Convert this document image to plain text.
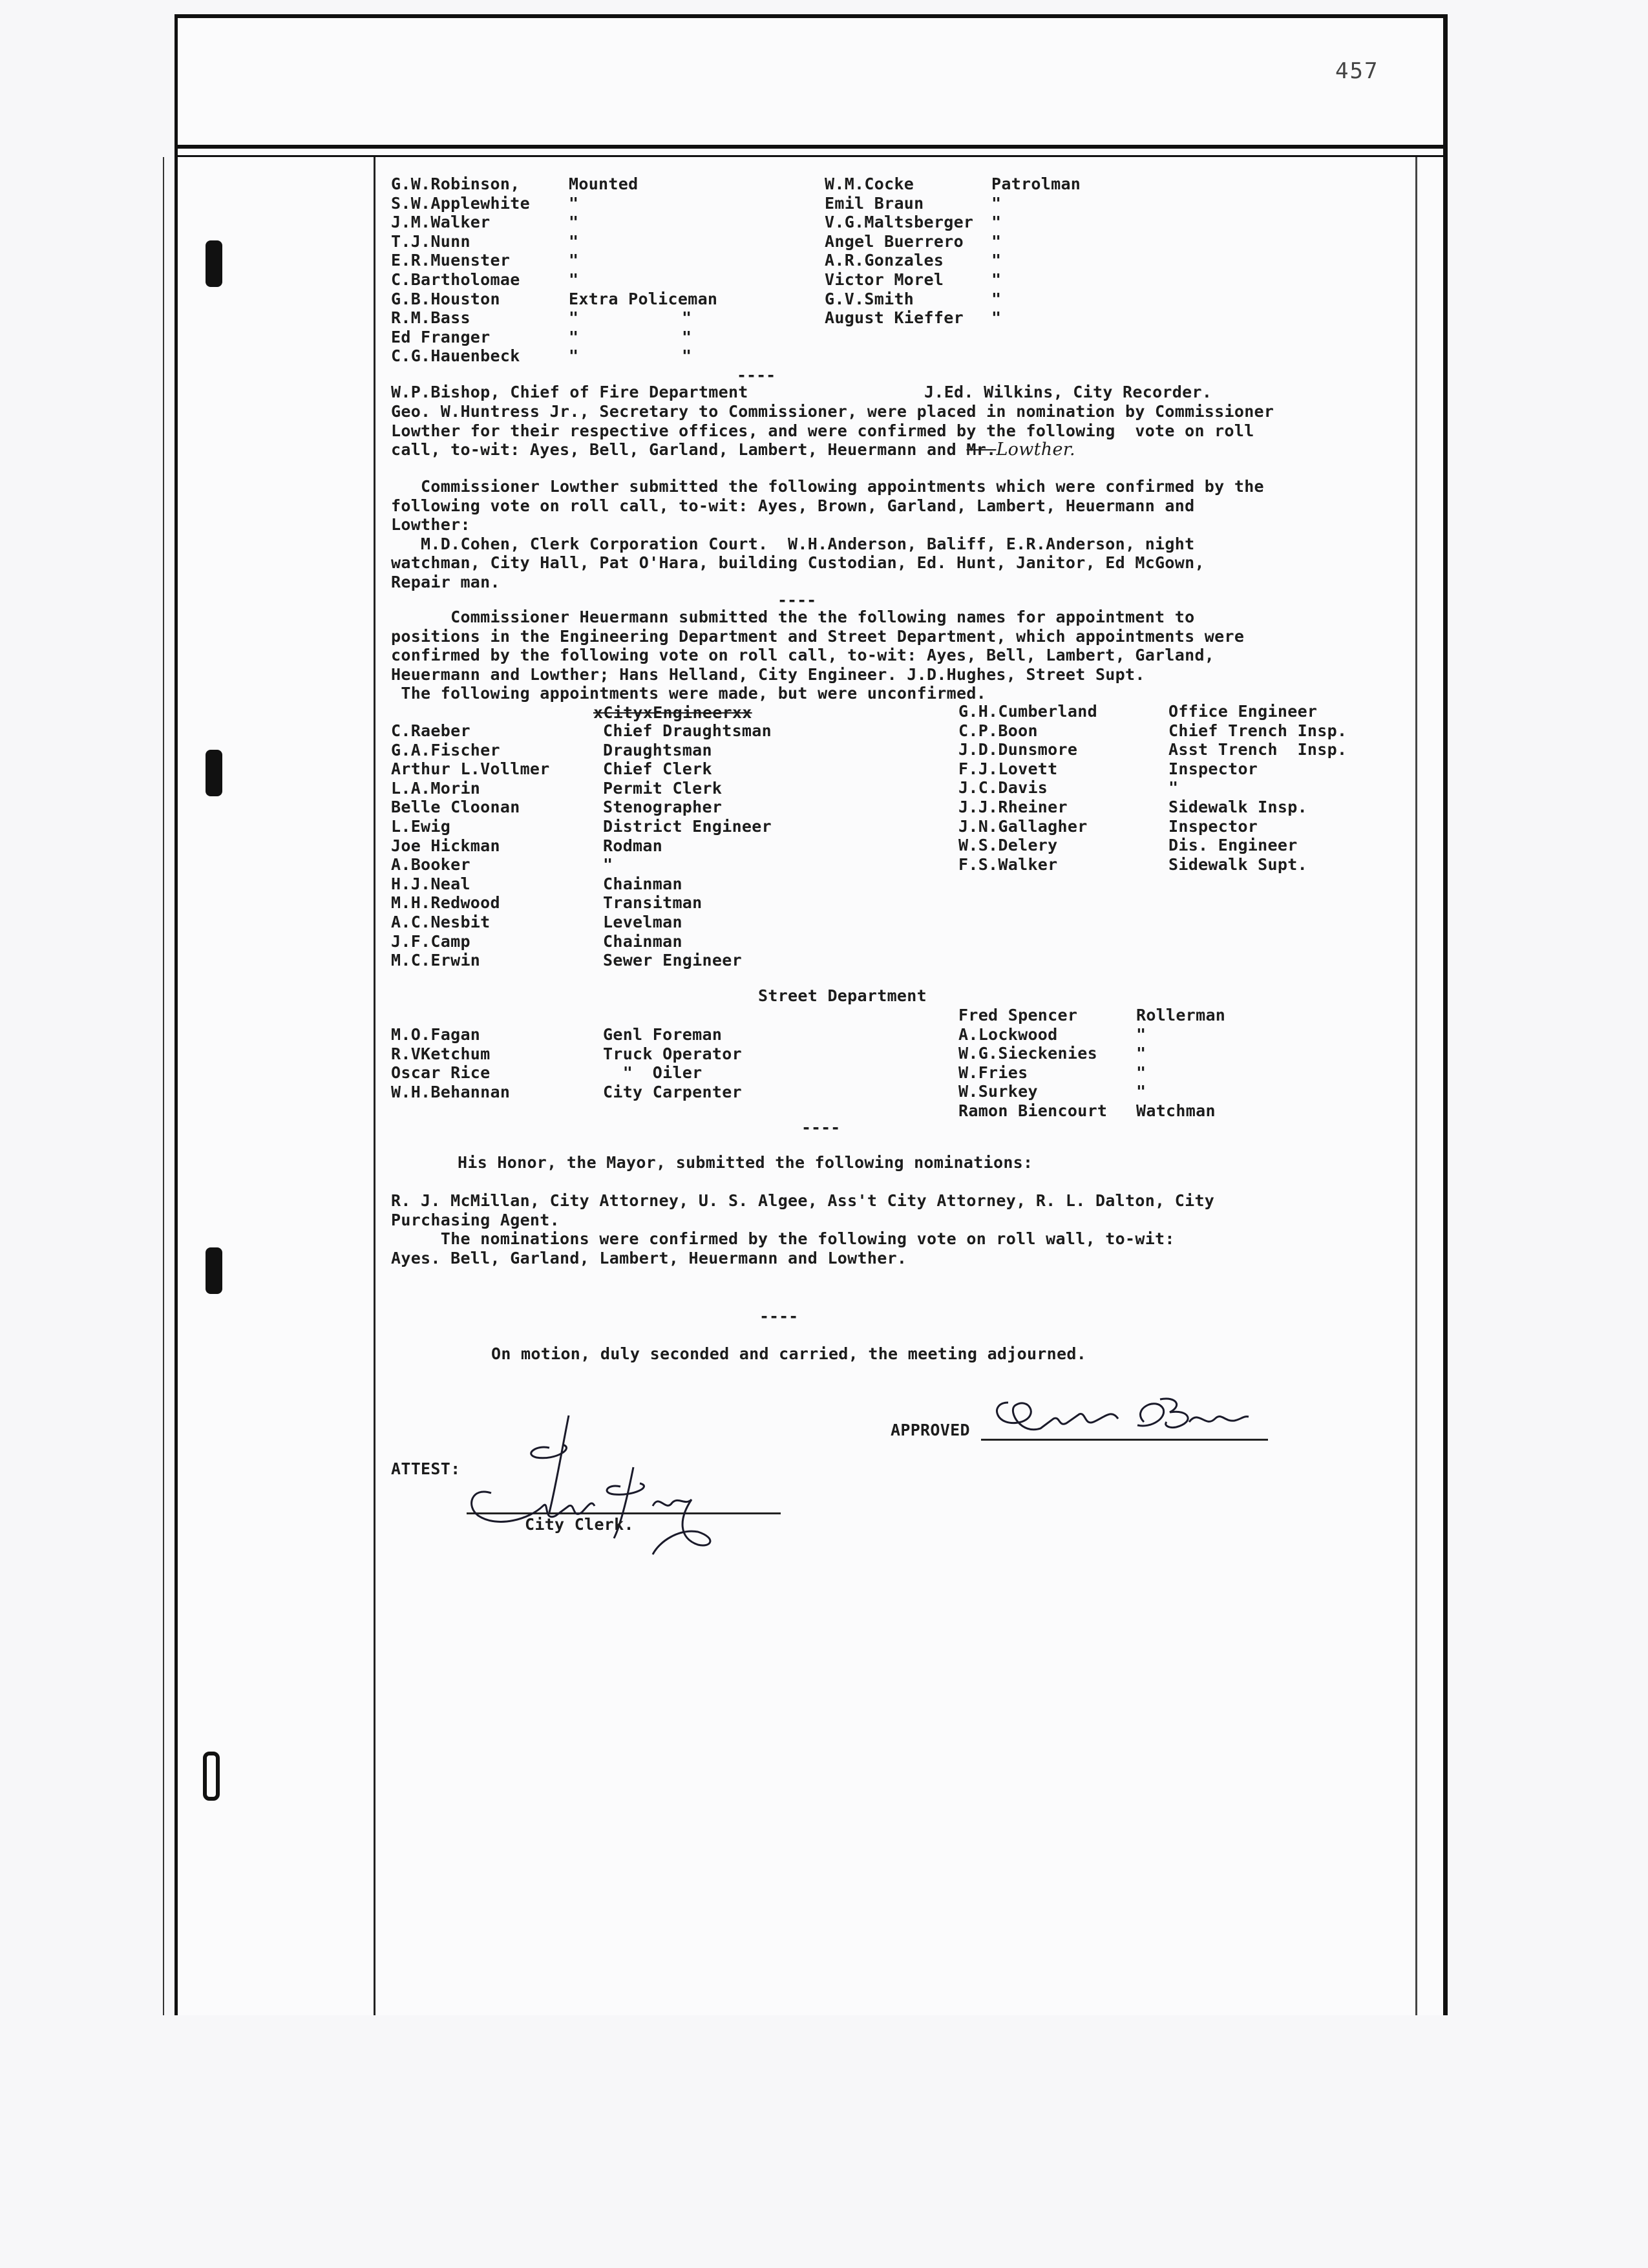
457
G.W.Robinson,	Mounted
S.W.Applewhite "
J.M.Walker	"
T.J.Nunn	"
E.R.Muenster	"
C.Bartholomae	"
G.B.Houston	Extra Policeman
R.M.Bass	"	"
Ed Franger	"	"
C.G.Hauenbeck	"	"
W.M.Cocke	Patrolman
Emil Braun	"
V.G.Maltsberger "
Angel Buerrero "
A.R.Gonzales	"
Victor Morel	"
G.V.Smith	"
August Kieffer "
----
W.P.Bishop, Chief of Fire Department	J.Ed. Wilkins, City Recorder.
Geo. W.Huntress Jr., Secretary to Commissioner, were placed in nomination by Commissioner
Lowther for their respective offices, and were confirmed by the following  vote on roll
call, to-wit: Ayes, Bell, Garland, Lambert, Heuermann and Mr.Lowther.
Commissioner Lowther submitted the following appointments which were confirmed by the
following vote on roll call, to-wit: Ayes, Brown, Garland, Lambert, Heuermann and
Lowther:
M.D.Cohen, Clerk Corporation Court.  W.H.Anderson, Baliff, E.R.Anderson, night
watchman, City Hall, Pat O'Hara, building Custodian, Ed. Hunt, Janitor, Ed McGown,
Repair man.
----
Commissioner Heuermann submitted the the following names for appointment to
positions in the Engineering Department and Street Department, which appointments were
confirmed by the following vote on roll call, to-wit: Ayes, Bell, Lambert, Garland,
Heuermann and Lowther; Hans Helland, City Engineer. J.D.Hughes, Street Supt.
The following appointments were made, but were unconfirmed.
xCityxEngineerxx
C.Raeber	Chief Draughtsman
G.A.Fischer	Draughtsman
Arthur L.Vollmer	Chief Clerk
L.A.Morin	Permit Clerk
Belle Cloonan	Stenographer
L.Ewig	District Engineer
Joe Hickman	Rodman
A.Booker	"
H.J.Neal	Chainman
M.H.Redwood	Transitman
A.C.Nesbit	Levelman
J.F.Camp	Chainman
M.C.Erwin	Sewer Engineer
G.H.Cumberland	Office Engineer
C.P.Boon	Chief Trench Insp.
J.D.Dunsmore	Asst Trench  Insp.
F.J.Lovett	Inspector
J.C.Davis	"
J.J.Rheiner	Sidewalk Insp.
J.N.Gallagher	Inspector
W.S.Delery	Dis. Engineer
F.S.Walker	Sidewalk Supt.
Street Department
M.O.Fagan	Genl Foreman
R.VKetchum	Truck Operator
Oscar Rice	"  Oiler
W.H.Behannan	City Carpenter
Fred Spencer	Rollerman
A.Lockwood	"
W.G.Sieckenies "
W.Fries	"
W.Surkey	"
Ramon Biencourt Watchman
----
His Honor, the Mayor, submitted the following nominations:
R. J. McMillan, City Attorney, U. S. Algee, Ass't City Attorney, R. L. Dalton, City
Purchasing Agent.
The nominations were confirmed by the following vote on roll wall, to-wit:
Ayes. Bell, Garland, Lambert, Heuermann and Lowther.
----
On motion, duly seconded and carried, the meeting adjourned.
APPROVED
ATTEST:
City Clerk.
